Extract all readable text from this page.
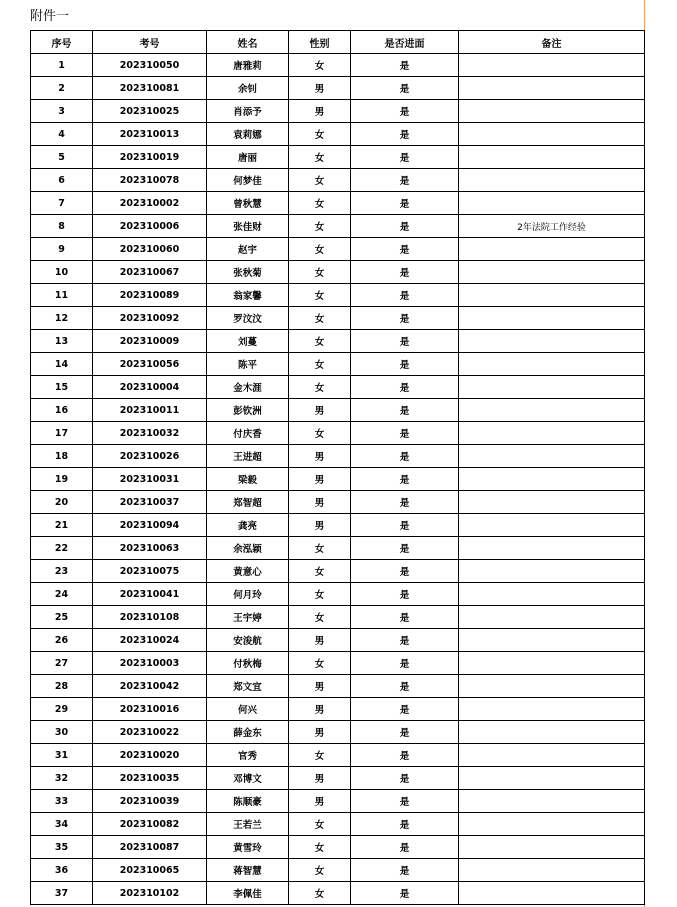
附件一
序号	考号	姓名	性别	是否进面	备注
1	202310050	唐雅莉	女	是	
2	202310081	余钊	男	是	
3	202310025	肖添予	男	是	
4	202310013	袁莉娜	女	是	
5	202310019	唐丽	女	是	
6	202310078	何梦佳	女	是	
7	202310002	曾秋慧	女	是	
8	202310006	张佳财	女	是	2年法院工作经验
9	202310060	赵宇	女	是	
10	202310067	张秋菊	女	是	
11	202310089	翁家馨	女	是	
12	202310092	罗汶汶	女	是	
13	202310009	刘蔓	女	是	
14	202310056	陈平	女	是	
15	202310004	金木涯	女	是	
16	202310011	彭钦洲	男	是	
17	202310032	付庆香	女	是	
18	202310026	王进超	男	是	
19	202310031	梁毅	男	是	
20	202310037	郑智超	男	是	
21	202310094	龚亮	男	是	
22	202310063	余泓颖	女	是	
23	202310075	黄意心	女	是	
24	202310041	何月玲	女	是	
25	202310108	王宇婷	女	是	
26	202310024	安浚航	男	是	
27	202310003	付秋梅	女	是	
28	202310042	郑文宜	男	是	
29	202310016	何兴	男	是	
30	202310022	薛金东	男	是	
31	202310020	官秀	女	是	
32	202310035	邓博文	男	是	
33	202310039	陈顺豪	男	是	
34	202310082	王若兰	女	是	
35	202310087	黄雪玲	女	是	
36	202310065	蒋智慧	女	是	
37	202310102	李佩佳	女	是	
